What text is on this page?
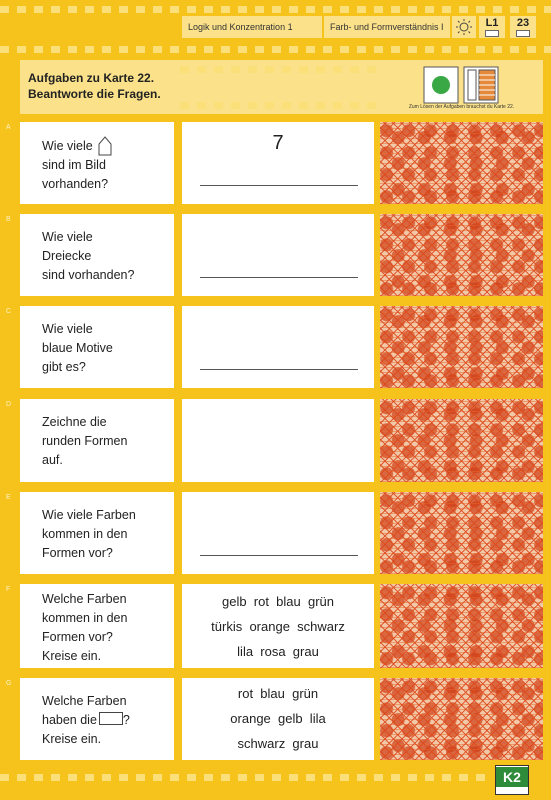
Logik und Konzentration 1	Farb- und Formverständnis I	L1 23
Aufgaben zu Karte 22.
Beantworte die Fragen.
Zum Lösen der Aufgaben brauchst du Karte 22.
A
Wie viele
sind im Bild
vorhanden?
7
B
Wie viele
Dreiecke
sind vorhanden?
C
Wie viele
blaue Motive
gibt es?
D
Zeichne die
runden Formen
auf.
E
Wie viele Farben
kommen in den
Formen vor?
F
Welche Farben
kommen in den
Formen vor?
Kreise ein.
gelb  rot  blau  grün
türkis  orange  schwarz
lila  rosa  grau
G
Welche Farben
haben die ?
Kreise ein.
rot  blau  grün
orange  gelb  lila
schwarz  grau
K2
